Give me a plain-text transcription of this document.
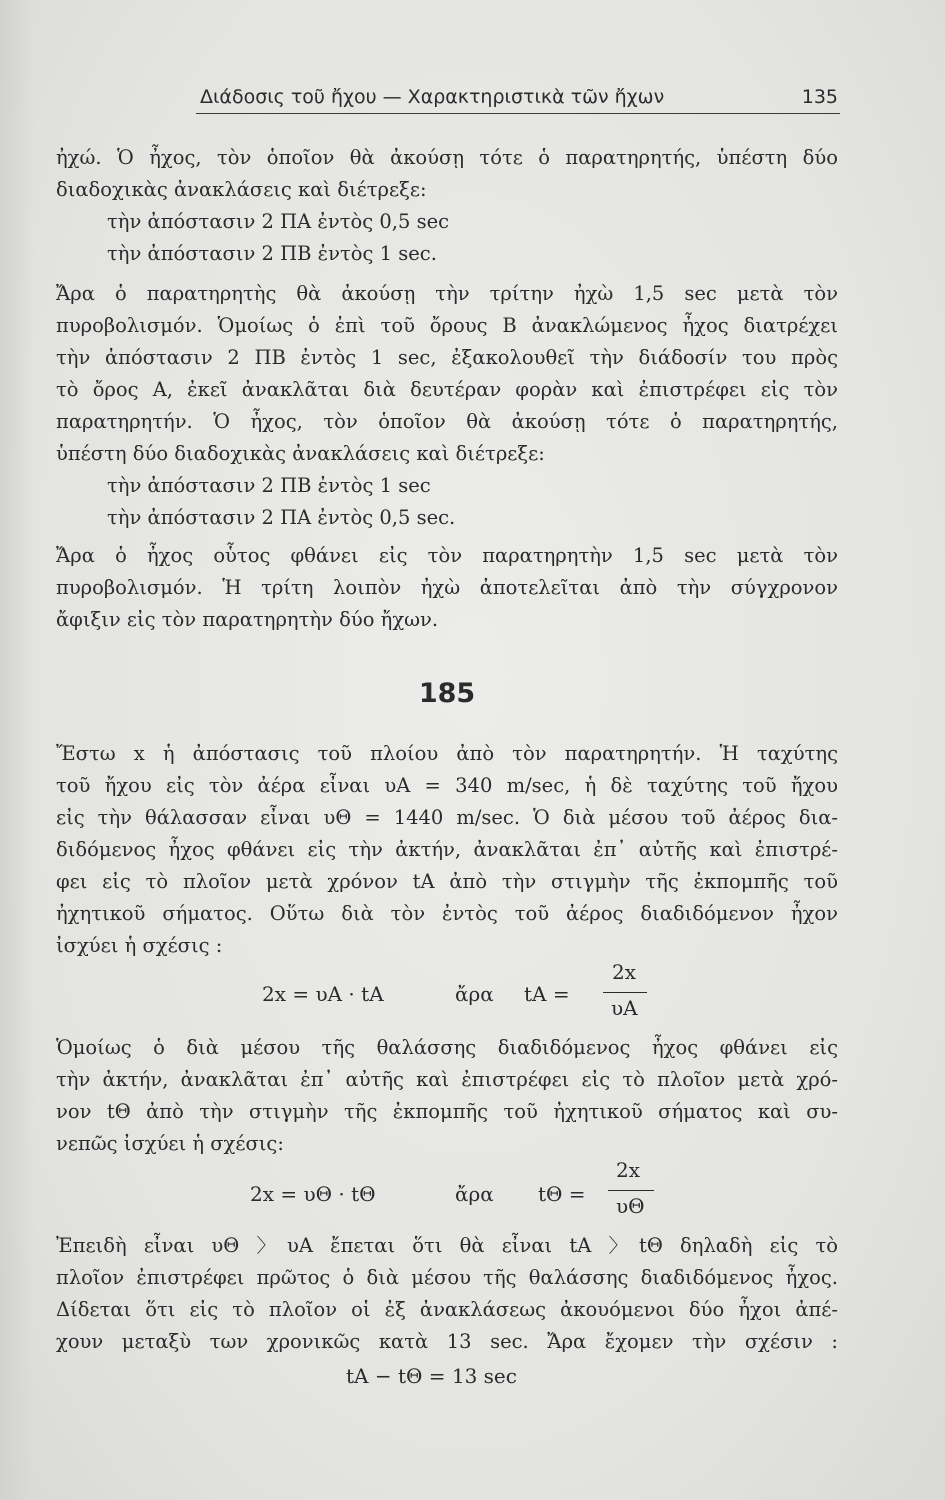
Διάδοσις τοῦ ἤχου — Χαρακτηριστικὰ τῶν ἤχων	135
ἠχώ. Ὁ ἦχος, τὸν ὁποῖον θὰ ἀκούσῃ τότε ὁ παρατηρητής, ὑπέστη δύο
διαδοχικὰς ἀνακλάσεις καὶ διέτρεξε:
τὴν ἀπόστασιν 2 ΠΑ ἐντὸς 0,5 sec
τὴν ἀπόστασιν 2 ΠΒ ἐντὸς 1 sec.
Ἄρα ὁ παρατηρητὴς θὰ ἀκούσῃ τὴν τρίτην ἠχὼ 1,5 sec μετὰ τὸν
πυροβολισμόν. Ὁμοίως ὁ ἐπὶ τοῦ ὄρους Β ἀνακλώμενος ἦχος διατρέχει
τὴν ἀπόστασιν 2 ΠΒ ἐντὸς 1 sec, ἐξακολουθεῖ τὴν διάδοσίν του πρὸς
τὸ ὄρος Α, ἐκεῖ ἀνακλᾶται διὰ δευτέραν φορὰν καὶ ἐπιστρέφει εἰς τὸν
παρατηρητήν. Ὁ ἦχος, τὸν ὁποῖον θὰ ἀκούσῃ τότε ὁ παρατηρητής,
ὑπέστη δύο διαδοχικὰς ἀνακλάσεις καὶ διέτρεξε:
τὴν ἀπόστασιν 2 ΠΒ ἐντὸς 1 sec
τὴν ἀπόστασιν 2 ΠΑ ἐντὸς 0,5 sec.
Ἄρα ὁ ἦχος οὗτος φθάνει εἰς τὸν παρατηρητὴν 1,5 sec μετὰ τὸν
πυροβολισμόν. Ἡ τρίτη λοιπὸν ἠχὼ ἀποτελεῖται ἀπὸ τὴν σύγχρονον
ἄφιξιν εἰς τὸν παρατηρητὴν δύο ἤχων.
185
Ἔστω x ἡ ἀπόστασις τοῦ πλοίου ἀπὸ τὸν παρατηρητήν. Ἡ ταχύτης
τοῦ ἤχου εἰς τὸν ἀέρα εἶναι υΑ = 340 m/sec, ἡ δὲ ταχύτης τοῦ ἤχου
εἰς τὴν θάλασσαν εἶναι υΘ = 1440 m/sec. Ὁ διὰ μέσου τοῦ ἀέρος δια-
διδόμενος ἦχος φθάνει εἰς τὴν ἀκτήν, ἀνακλᾶται ἐπ᾿ αὐτῆς καὶ ἐπιστρέ-
φει εἰς τὸ πλοῖον μετὰ χρόνον tΑ ἀπὸ τὴν στιγμὴν τῆς ἐκπομπῆς τοῦ
ἠχητικοῦ σήματος. Οὕτω διὰ τὸν ἐντὸς τοῦ ἀέρος διαδιδόμενον ἦχον
ἰσχύει ἡ σχέσις :
2x = υΑ · tΑ	ἄρα tΑ =
2x
υΑ
Ὁμοίως ὁ διὰ μέσου τῆς θαλάσσης διαδιδόμενος ἦχος φθάνει εἰς
τὴν ἀκτήν, ἀνακλᾶται ἐπ᾿ αὐτῆς καὶ ἐπιστρέφει εἰς τὸ πλοῖον μετὰ χρό-
νον tΘ ἀπὸ τὴν στιγμὴν τῆς ἐκπομπῆς τοῦ ἠχητικοῦ σήματος καὶ συ-
νεπῶς ἰσχύει ἡ σχέσις:
2x = υΘ · tΘ	ἄρα tΘ =
2x
υΘ
Ἐπειδὴ εἶναι υΘ 〉υΑ ἔπεται ὅτι θὰ εἶναι tΑ 〉tΘ δηλαδὴ εἰς τὸ
πλοῖον ἐπιστρέφει πρῶτος ὁ διὰ μέσου τῆς θαλάσσης διαδιδόμενος ἦχος.
Δίδεται ὅτι εἰς τὸ πλοῖον οἱ ἐξ ἀνακλάσεως ἀκουόμενοι δύο ἦχοι ἀπέ-
χουν μεταξὺ των χρονικῶς κατὰ 13 sec. Ἄρα ἔχομεν τὴν σχέσιν :
tΑ − tΘ = 13 sec
